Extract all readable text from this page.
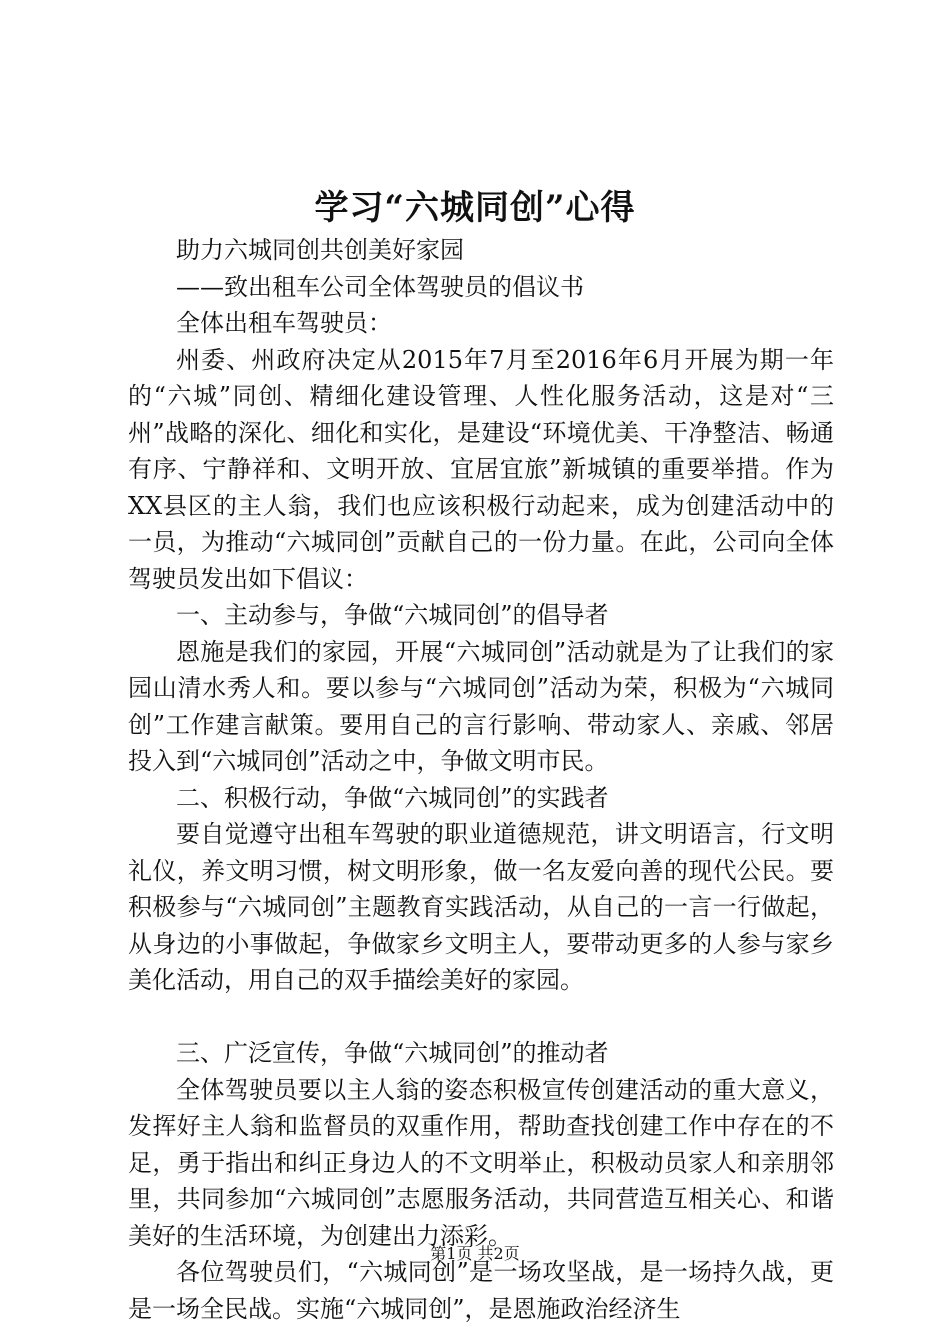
学习“六城同创”心得

助力六城同创共创美好家园

——致出租车公司全体驾驶员的倡议书

全体出租车驾驶员：

州委、州政府决定从2015年7月至2016年6月开展为期一年的“六城”同创、精细化建设管理、人性化服务活动，这是对“三州”战略的深化、细化和实化，是建设“环境优美、干净整洁、畅通有序、宁静祥和、文明开放、宜居宜旅”新城镇的重要举措。作为XX县区的主人翁，我们也应该积极行动起来，成为创建活动中的一员，为推动“六城同创”贡献自己的一份力量。在此，公司向全体驾驶员发出如下倡议：

一、主动参与，争做“六城同创”的倡导者

恩施是我们的家园，开展“六城同创”活动就是为了让我们的家园山清水秀人和。要以参与“六城同创”活动为荣，积极为“六城同创”工作建言献策。要用自己的言行影响、带动家人、亲戚、邻居投入到“六城同创”活动之中，争做文明市民。

二、积极行动，争做“六城同创”的实践者

要自觉遵守出租车驾驶的职业道德规范，讲文明语言，行文明礼仪，养文明习惯，树文明形象，做一名友爱向善的现代公民。要积极参与“六城同创”主题教育实践活动，从自己的一言一行做起，从身边的小事做起，争做家乡文明主人，要带动更多的人参与家乡美化活动，用自己的双手描绘美好的家园。

三、广泛宣传，争做“六城同创”的推动者

全体驾驶员要以主人翁的姿态积极宣传创建活动的重大意义，发挥好主人翁和监督员的双重作用，帮助查找创建工作中存在的不足，勇于指出和纠正身边人的不文明举止，积极动员家人和亲朋邻里，共同参加“六城同创”志愿服务活动，共同营造互相关心、和谐美好的生活环境，为创建出力添彩。

各位驾驶员们，“六城同创”是一场攻坚战，是一场持久战，更是一场全民战。实施“六城同创”，是恩施政治经济生

第1页 共2页
